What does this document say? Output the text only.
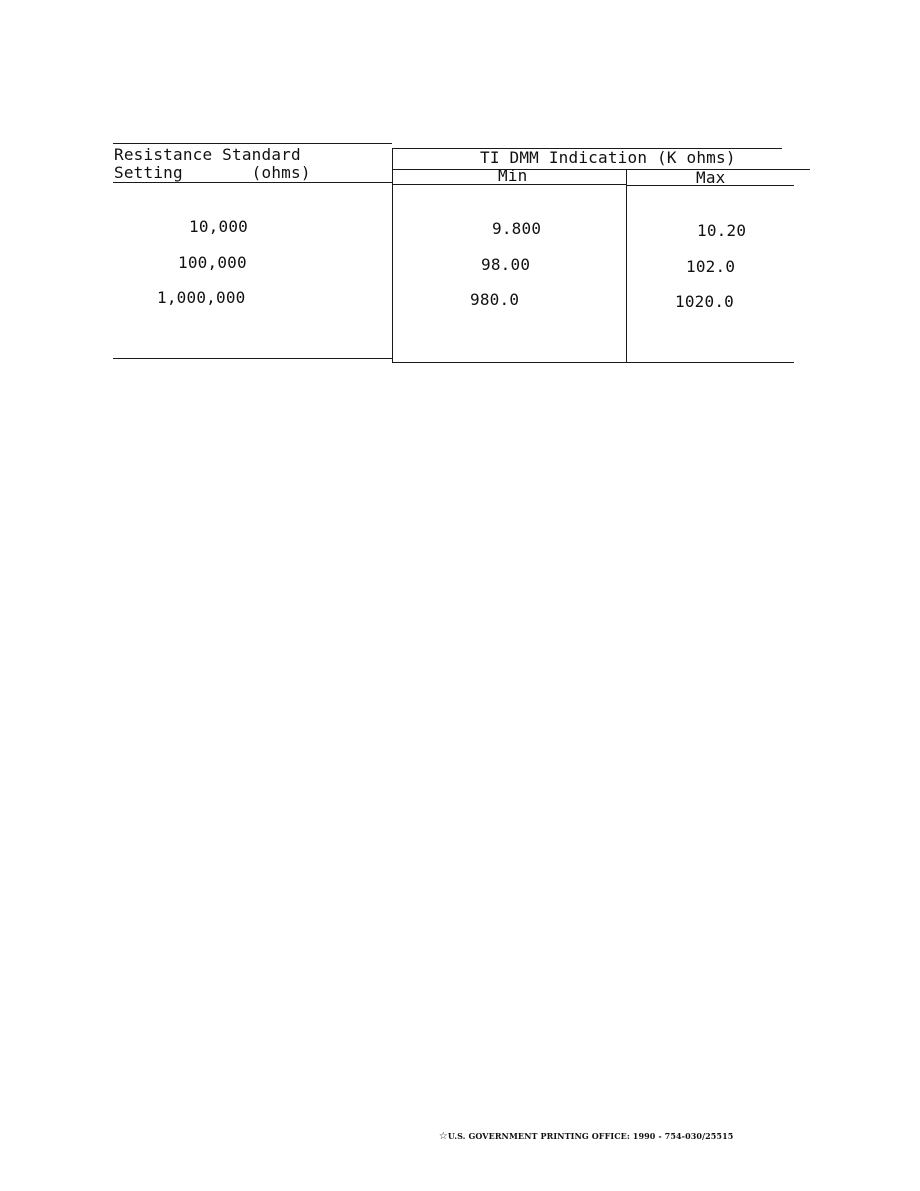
Resistance Standard
Setting       (ohms)
TI DMM Indication (K ohms)
Min	Max
10,000	9.800	10.20
100,000	98.00	102.0
1,000,000	980.0	1020.0

☆U.S. GOVERNMENT PRINTING OFFICE: 1990 - 754-030/25515
